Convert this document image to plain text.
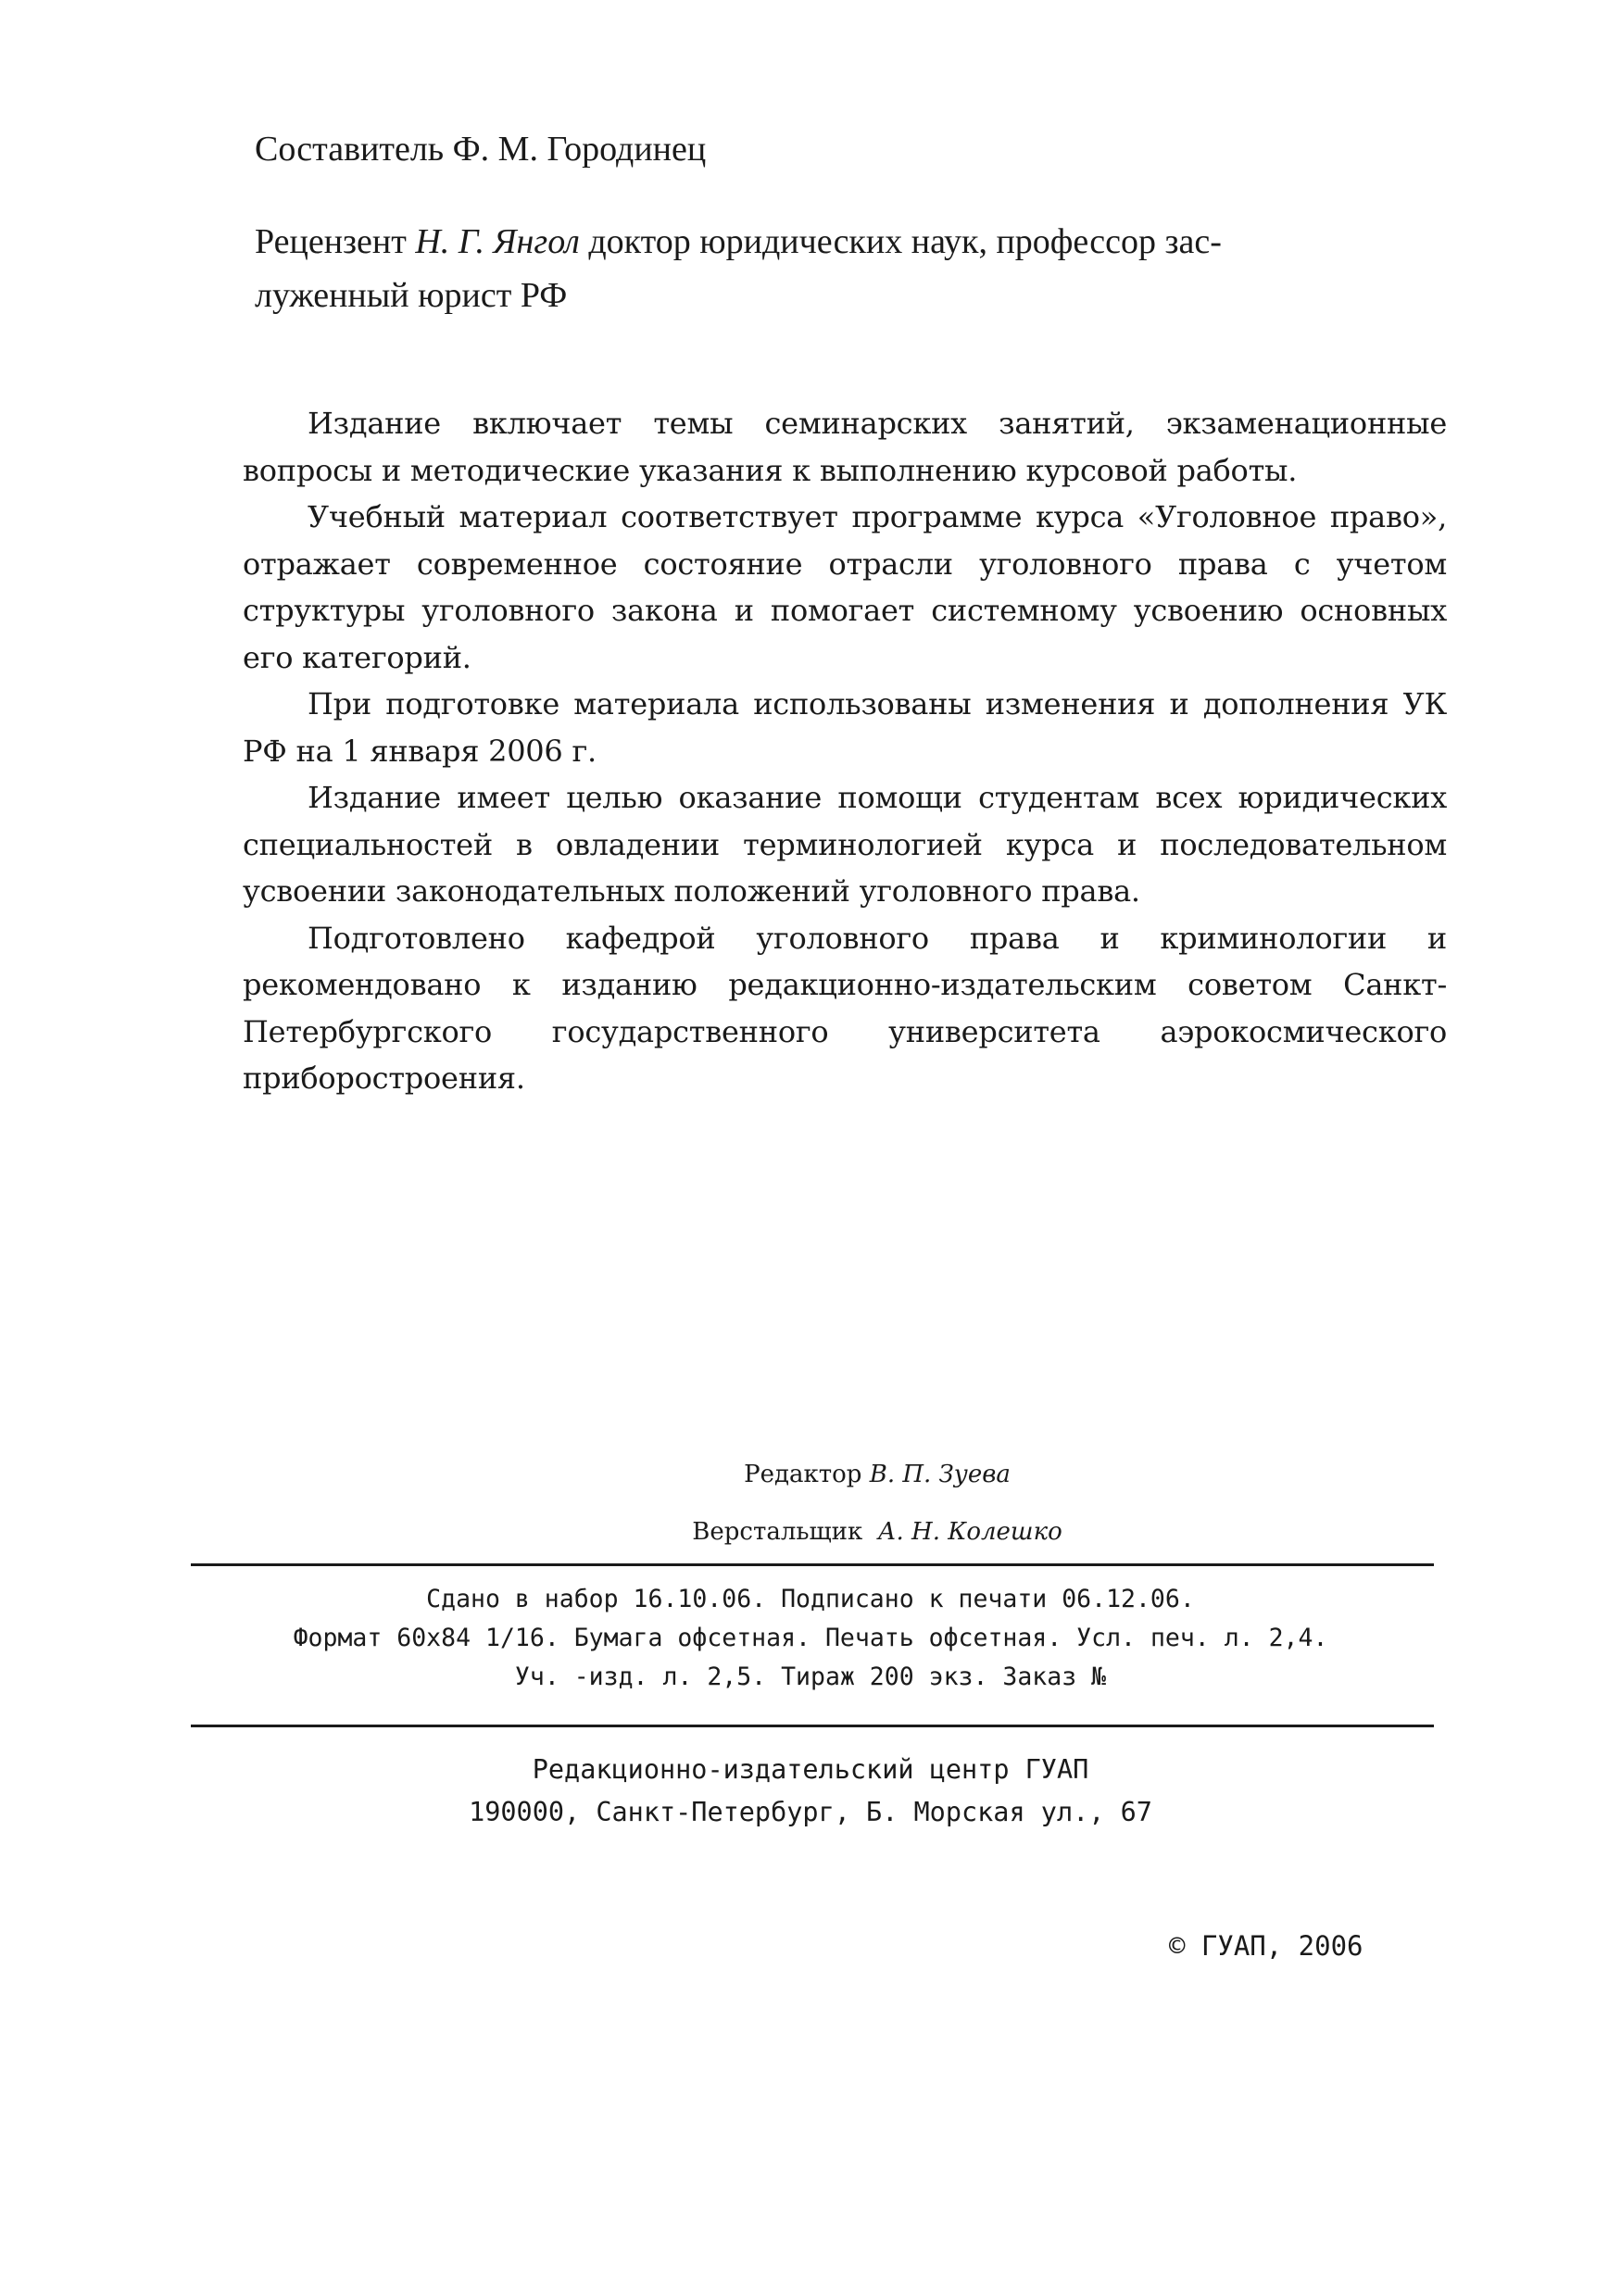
Составитель Ф. М. Городинец

Рецензент Н. Г. Янгол доктор юридических наук, профессор зас-
луженный юрист РФ

Издание включает темы семинарских занятий, экзаменационные вопросы и методические указания к выполнению курсовой работы.

Учебный материал соответствует программе курса «Уголовное право», отражает современное состояние отрасли уголовного права с учетом структуры уголовного закона и помогает системному усвоению основных его категорий.

При подготовке материала использованы изменения и дополнения УК РФ на 1 января 2006 г.

Издание имеет целью оказание помощи студентам всех юридических специальностей в овладении терминологией курса и последовательном усвоении законодательных положений уголовного права.

Подготовлено кафедрой уголовного права и криминологии и рекомендовано к изданию редакционно-издательским советом Санкт-Петербургского государственного университета аэрокосмического приборостроения.

Редактор В. П. Зуева

Верстальщик А. Н. Колешко

Сдано в набор 16.10.06. Подписано к печати 06.12.06.
Формат 60х84 1/16. Бумага офсетная. Печать офсетная. Усл. печ. л. 2,4.
Уч. -изд. л. 2,5. Тираж 200 экз. Заказ №
Редакционно-издательский центр ГУАП
190000, Санкт-Петербург, Б. Морская ул., 67

© ГУАП, 2006
